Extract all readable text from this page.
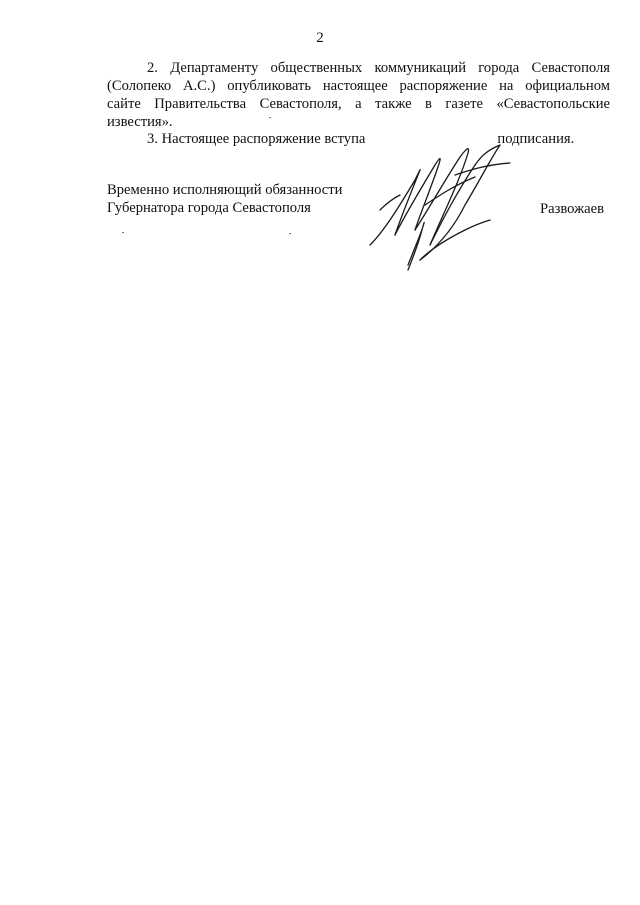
2
2. Департаменту общественных коммуникаций города Севастополя
(Солопеко А.С.) опубликовать настоящее распоряжение на официальном
сайте Правительства Севастополя, а также в газете «Севастопольские
известия».
3. Настоящее распоряжение вступа	подписания.
Временно исполняющий обязанности
Губернатора города Севастополя	Развожаев
